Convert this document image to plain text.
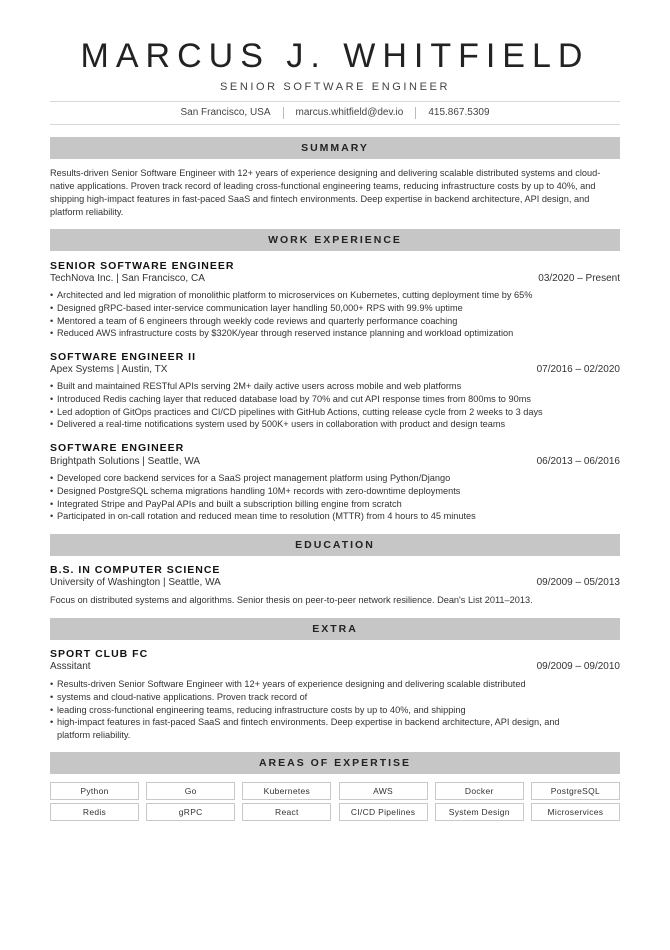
MARCUS J. WHITFIELD
SENIOR SOFTWARE ENGINEER
San Francisco, USA	marcus.whitfield@dev.io	415.867.5309
SUMMARY
Results-driven Senior Software Engineer with 12+ years of experience designing and delivering scalable distributed systems and cloud-
native applications. Proven track record of leading cross-functional engineering teams, reducing infrastructure costs by up to 40%, and
shipping high-impact features in fast-paced SaaS and fintech environments. Deep expertise in backend architecture, API design, and
platform reliability.
WORK EXPERIENCE
SENIOR SOFTWARE ENGINEER
TechNova Inc. | San Francisco, CA	03/2020 – Present
• Architected and led migration of monolithic platform to microservices on Kubernetes, cutting deployment time by 65%
• Designed gRPC-based inter-service communication layer handling 50,000+ RPS with 99.9% uptime
• Mentored a team of 6 engineers through weekly code reviews and quarterly performance coaching
• Reduced AWS infrastructure costs by $320K/year through reserved instance planning and workload optimization
SOFTWARE ENGINEER II
Apex Systems | Austin, TX	07/2016 – 02/2020
• Built and maintained RESTful APIs serving 2M+ daily active users across mobile and web platforms
• Introduced Redis caching layer that reduced database load by 70% and cut API response times from 800ms to 90ms
• Led adoption of GitOps practices and CI/CD pipelines with GitHub Actions, cutting release cycle from 2 weeks to 3 days
• Delivered a real-time notifications system used by 500K+ users in collaboration with product and design teams
SOFTWARE ENGINEER
Brightpath Solutions | Seattle, WA	06/2013 – 06/2016
• Developed core backend services for a SaaS project management platform using Python/Django
• Designed PostgreSQL schema migrations handling 10M+ records with zero-downtime deployments
• Integrated Stripe and PayPal APIs and built a subscription billing engine from scratch
• Participated in on-call rotation and reduced mean time to resolution (MTTR) from 4 hours to 45 minutes
EDUCATION
B.S. IN COMPUTER SCIENCE
University of Washington | Seattle, WA	09/2009 – 05/2013
Focus on distributed systems and algorithms. Senior thesis on peer-to-peer network resilience. Dean's List 2011–2013.
EXTRA
SPORT CLUB FC
Asssitant	09/2009 – 09/2010
• Results-driven Senior Software Engineer with 12+ years of experience designing and delivering scalable distributed
• systems and cloud-native applications. Proven track record of
• leading cross-functional engineering teams, reducing infrastructure costs by up to 40%, and shipping
• high-impact features in fast-paced SaaS and fintech environments. Deep expertise in backend architecture, API design, and
platform reliability.
AREAS OF EXPERTISE
Python	Go	Kubernetes	AWS	Docker	PostgreSQL
Redis	gRPC	React	CI/CD Pipelines	System Design	Microservices
